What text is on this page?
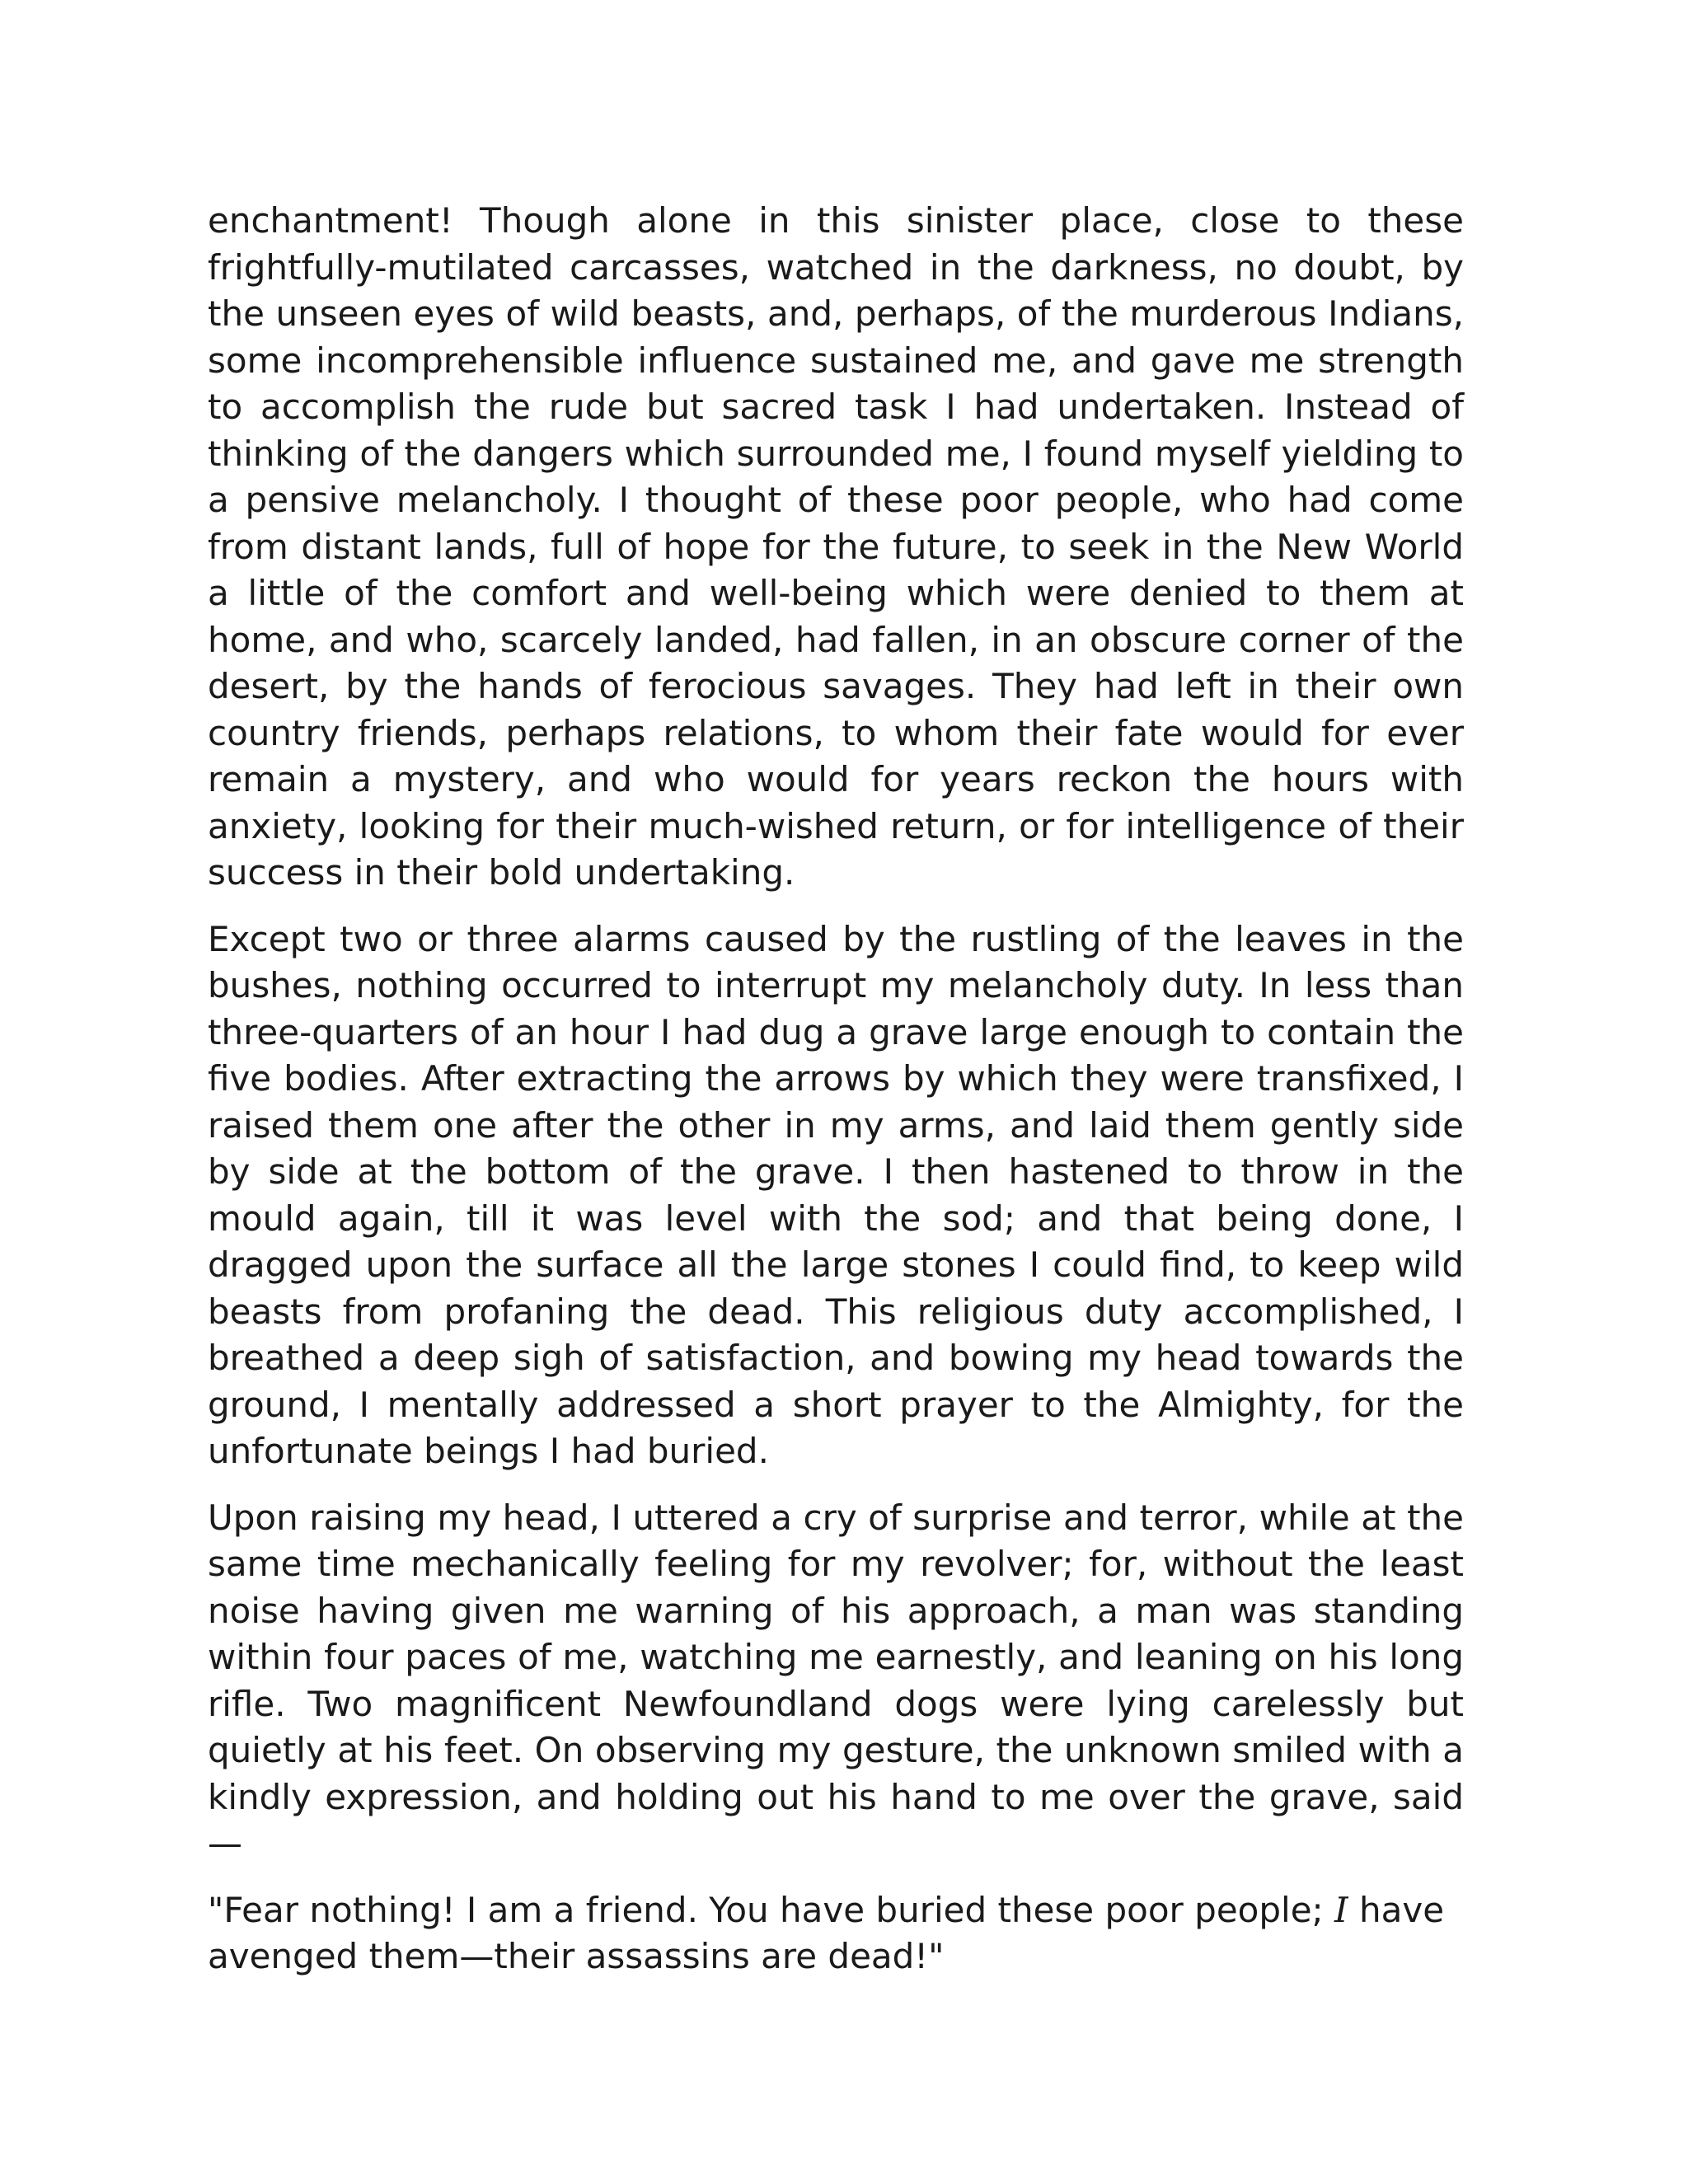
enchantment! Though alone in this sinister place, close to these frightfully-mutilated carcasses, watched in the darkness, no doubt, by the unseen eyes of wild beasts, and, perhaps, of the murderous Indians, some incomprehensible influence sustained me, and gave me strength to accomplish the rude but sacred task I had undertaken. Instead of thinking of the dangers which surrounded me, I found myself yielding to a pensive melancholy. I thought of these poor people, who had come from distant lands, full of hope for the future, to seek in the New World a little of the comfort and well-being which were denied to them at home, and who, scarcely landed, had fallen, in an obscure corner of the desert, by the hands of ferocious savages. They had left in their own country friends, perhaps relations, to whom their fate would for ever remain a mystery, and who would for years reckon the hours with anxiety, looking for their much-wished return, or for intelligence of their success in their bold undertaking.

Except two or three alarms caused by the rustling of the leaves in the bushes, nothing occurred to interrupt my melancholy duty. In less than three-quarters of an hour I had dug a grave large enough to contain the five bodies. After extracting the arrows by which they were transfixed, I raised them one after the other in my arms, and laid them gently side by side at the bottom of the grave. I then hastened to throw in the mould again, till it was level with the sod; and that being done, I dragged upon the surface all the large stones I could find, to keep wild beasts from profaning the dead. This religious duty accomplished, I breathed a deep sigh of satisfaction, and bowing my head towards the ground, I mentally addressed a short prayer to the Almighty, for the unfortunate beings I had buried.

Upon raising my head, I uttered a cry of surprise and terror, while at the same time mechanically feeling for my revolver; for, without the least noise having given me warning of his approach, a man was standing within four paces of me, watching me earnestly, and leaning on his long rifle. Two magnificent Newfoundland dogs were lying carelessly but quietly at his feet. On observing my gesture, the unknown smiled with a kindly expression, and holding out his hand to me over the grave, said—

"Fear nothing! I am a friend. You have buried these poor people; I have avenged them—their assassins are dead!"
